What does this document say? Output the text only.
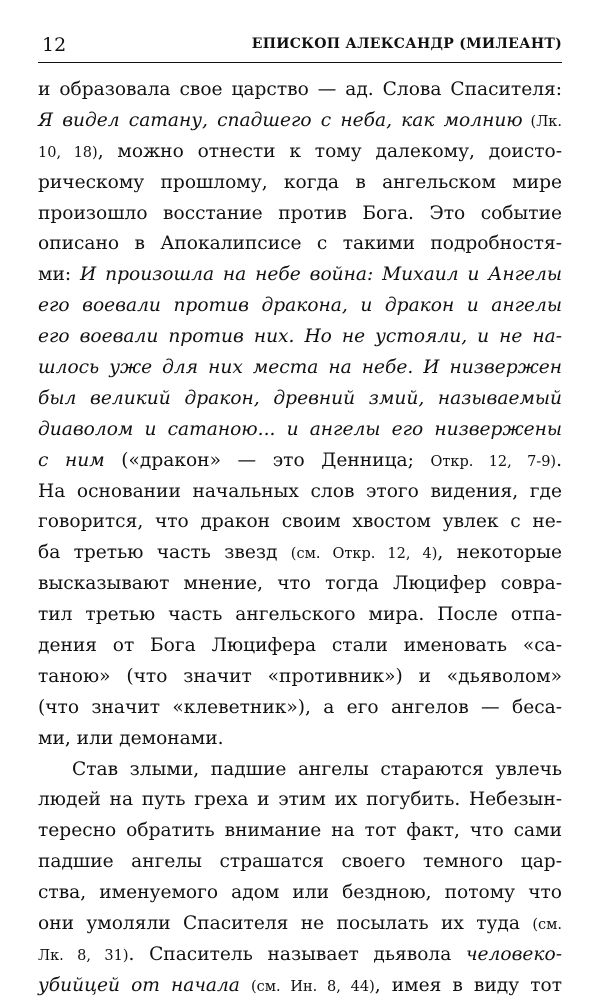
12	ЕПИСКОП АЛЕКСАНДР (МИЛЕАНТ)
и образовала свое царство — ад. Слова Спасителя:
Я видел сатану, спадшего с неба, как молнию (Лк.
10, 18), можно отнести к тому далекому, доисто-
рическому прошлому, когда в ангельском мире
произошло восстание против Бога. Это событие
описано в Апокалипсисе с такими подробностя-
ми: И произошла на небе война: Михаил и Ангелы
его воевали против дракона, и дракон и ангелы
его воевали против них. Но не устояли, и не на-
шлось уже для них места на небе. И низвержен
был великий дракон, древний змий, называемый
диаволом и сатаною... и ангелы его низвержены
с ним («дракон» — это Денница; Откр. 12, 7-9).
На основании начальных слов этого видения, где
говорится, что дракон своим хвостом увлек с не-
ба третью часть звезд (см. Откр. 12, 4), некоторые
высказывают мнение, что тогда Люцифер совра-
тил третью часть ангельского мира. После отпа-
дения от Бога Люцифера стали именовать «са-
таною» (что значит «противник») и «дьяволом»
(что значит «клеветник»), а его ангелов — беса-
ми, или демонами.
Став злыми, падшие ангелы стараются увлечь
людей на путь греха и этим их погубить. Небезын-
тересно обратить внимание на тот факт, что сами
падшие ангелы страшатся своего темного цар-
ства, именуемого адом или бездною, потому что
они умоляли Спасителя не посылать их туда (см.
Лк. 8, 31). Спаситель называет дьявола человеко-
убийцей от начала (см. Ин. 8, 44), имея в виду тот
